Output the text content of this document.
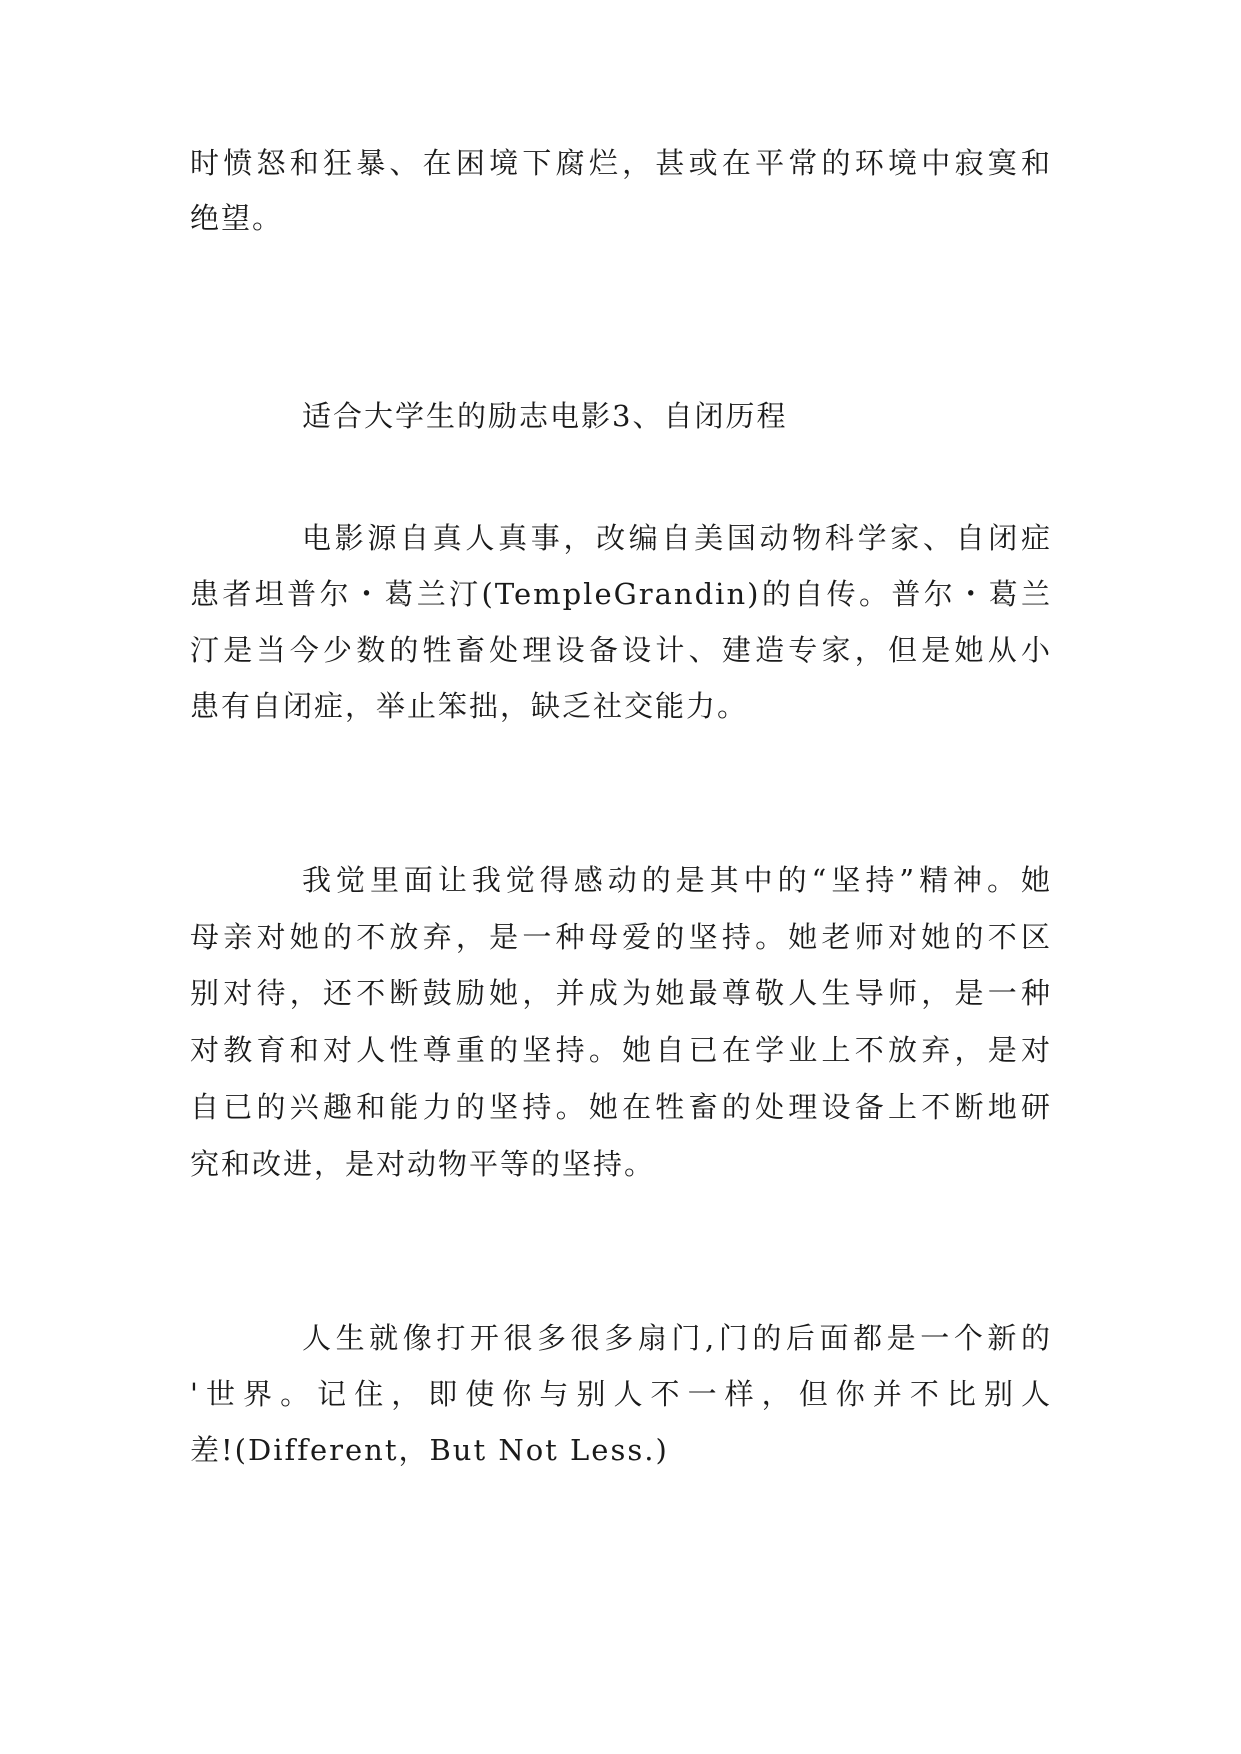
时愤怒和狂暴、在困境下腐烂，甚或在平常的环境中寂寞和

绝望。

适合大学生的励志电影3、自闭历程

电影源自真人真事，改编自美国动物科学家、自闭症

患者坦普尔・葛兰汀(TempleGrandin)的自传。普尔・葛兰

汀是当今少数的牲畜处理设备设计、建造专家，但是她从小

患有自闭症，举止笨拙，缺乏社交能力。

我觉里面让我觉得感动的是其中的“坚持”精神。她

母亲对她的不放弃，是一种母爱的坚持。她老师对她的不区

别对待，还不断鼓励她，并成为她最尊敬人生导师，是一种

对教育和对人性尊重的坚持。她自已在学业上不放弃，是对

自已的兴趣和能力的坚持。她在牲畜的处理设备上不断地研

究和改进，是对动物平等的坚持。

人生就像打开很多很多扇门,门的后面都是一个新的

'世界。记住，即使你与别人不一样，但你并不比别人

差!(Different，But Not Less.)
